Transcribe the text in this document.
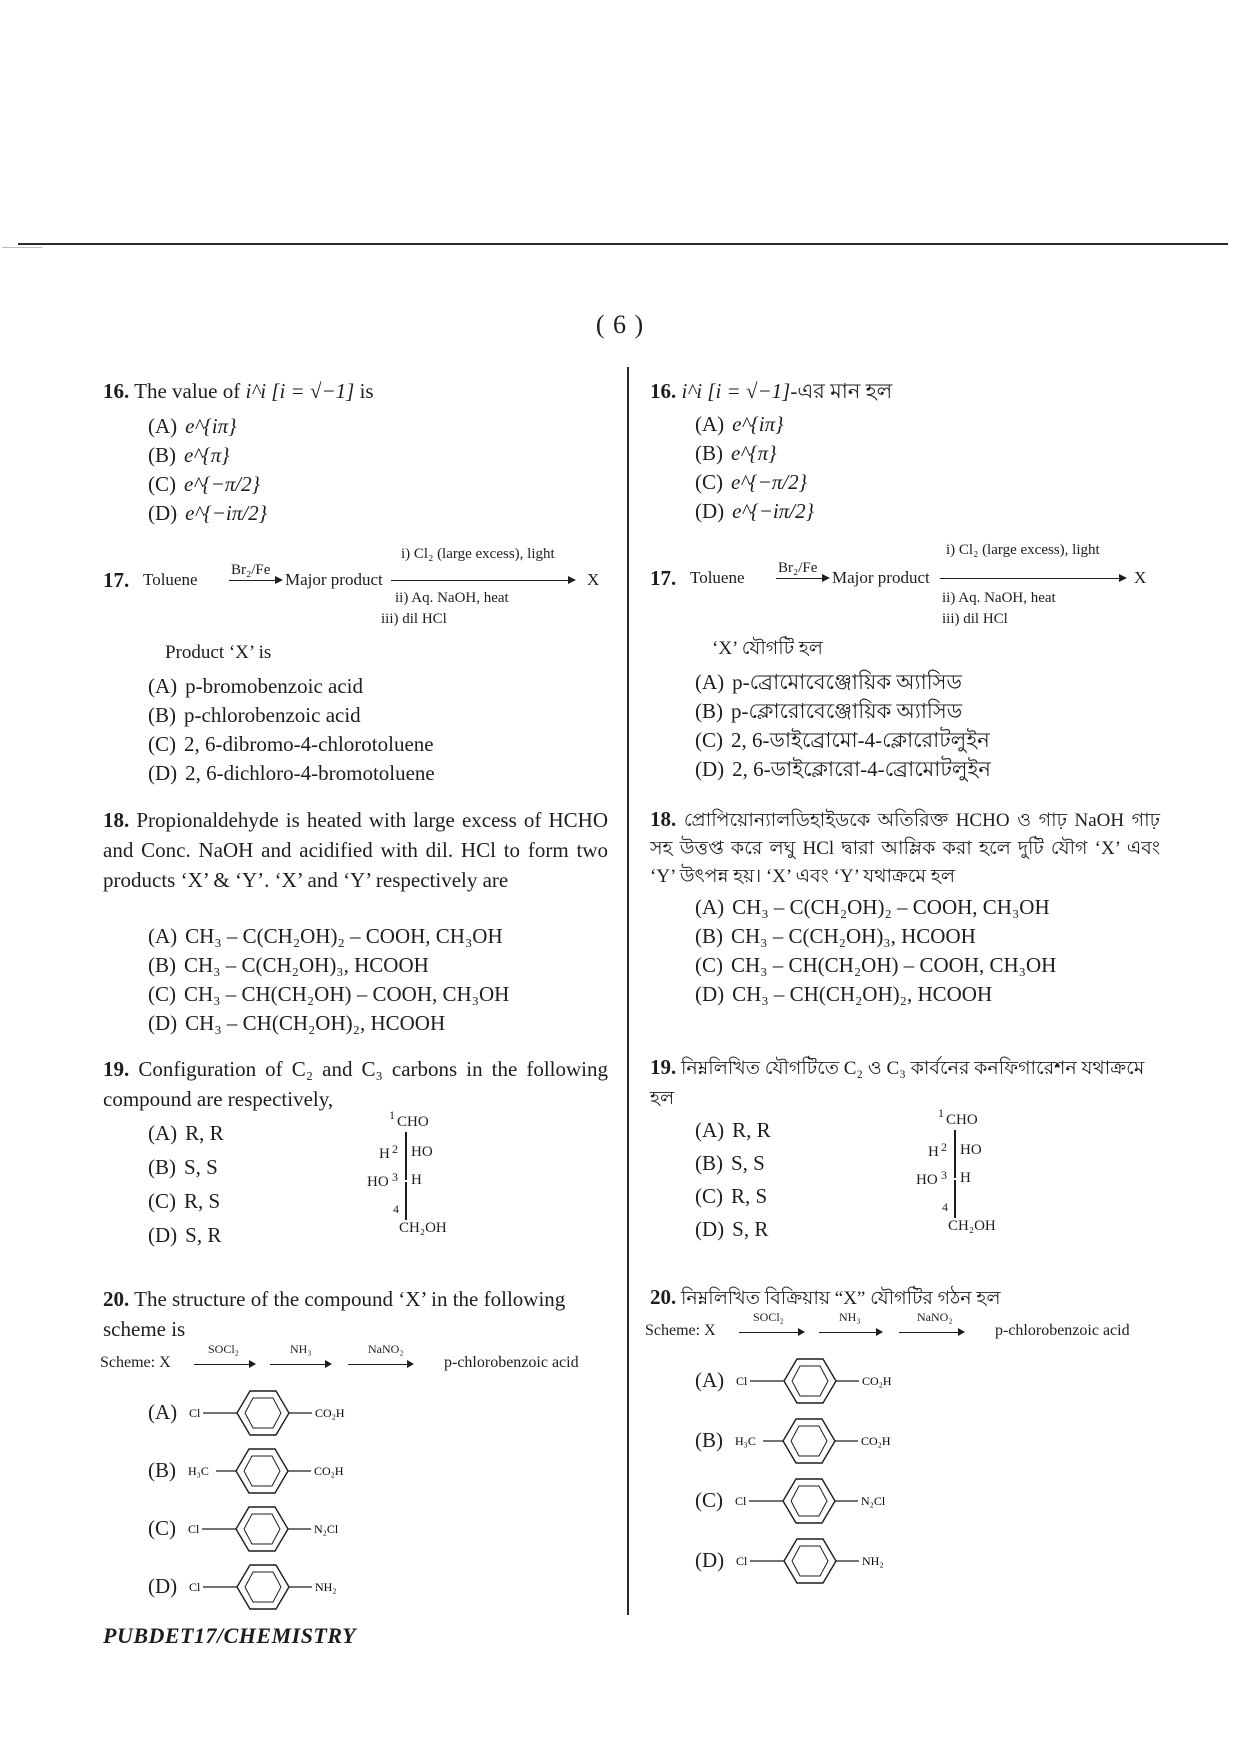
( 6 )
16. The value of i^i [i = √−1] is
(A) e^{iπ}
(B) e^{π}
(C) e^{−π/2}
(D) e^{−iπ/2}
17. Toluene Br₂/Fe → Major product
i) Cl₂ (large excess), light
X
ii) Aq. NaOH, heat
iii) dil HCl
Product ‘X’ is
(A) p-bromobenzoic acid
(B) p-chlorobenzoic acid
(C) 2, 6-dibromo-4-chlorotoluene
(D) 2, 6-dichloro-4-bromotoluene
18. Propionaldehyde is heated with large excess of HCHO and Conc. NaOH and acidified with dil. HCl to form two products ‘X’ & ‘Y’. ‘X’ and ‘Y’ respectively are
(A) CH₃ – C(CH₂OH)₂ – COOH, CH₃OH
(B) CH₃ – C(CH₂OH)₃, HCOOH
(C) CH₃ – CH(CH₂OH) – COOH, CH₃OH
(D) CH₃ – CH(CH₂OH)₂, HCOOH
19. Configuration of C₂ and C₃ carbons in the following compound are respectively,
(A) R, R
(B) S, S
(C) R, S
(D) S, R
1 CHO
H 2 HO
HO 3 H
4
CH₂OH
20. The structure of the compound ‘X’ in the following scheme is
Scheme: X
SOCl₂	NH₃	NaNO₂
p-chlorobenzoic acid
(A) Cl	CO₂H
(B) H₃C	CO₂H
(C) Cl	N₂Cl
(D) Cl	NH₂
16. i^i [i = √−1]-এর মান হল
(A) e^{iπ}
(B) e^{π}
(C) e^{−π/2}
(D) e^{−iπ/2}
17. Toluene Br₂/Fe → Major product
i) Cl₂ (large excess), light
X
ii) Aq. NaOH, heat
iii) dil HCl
‘X’ যৌগটি হল
(A) p-ব্রোমোবেঞ্জোয়িক অ্যাসিড
(B) p-ক্লোরোবেঞ্জোয়িক অ্যাসিড
(C) 2, 6-ডাইব্রোমো-4-ক্লোরোটলুইন
(D) 2, 6-ডাইক্লোরো-4-ব্রোমোটলুইন
18. প্রোপিয়োন্যালডিহাইডকে অতিরিক্ত HCHO ও গাঢ় NaOH গাঢ় সহ উত্তপ্ত করে লঘু HCl দ্বারা আম্লিক করা হলে দুটি যৌগ ‘X’ এবং ‘Y’ উৎপন্ন হয়। ‘X’ এবং ‘Y’ যথাক্রমে হল
(A) CH₃ – C(CH₂OH)₂ – COOH, CH₃OH
(B) CH₃ – C(CH₂OH)₃, HCOOH
(C) CH₃ – CH(CH₂OH) – COOH, CH₃OH
(D) CH₃ – CH(CH₂OH)₂, HCOOH
19. নিম্নলিখিত যৌগটিতে C₂ ও C₃ কার্বনের কনফিগারেশন যথাক্রমে হল
(A) R, R
(B) S, S
(C) R, S
(D) S, R
1 CHO
H 2 HO
HO 3 H
4
CH₂OH
20. নিম্নলিখিত বিক্রিয়ায় “X” যৌগটির গঠন হল
Scheme: X
SOCl₂	NH₃	NaNO₂
p-chlorobenzoic acid
(A) Cl	CO₂H
(B) H₃C	CO₂H
(C) Cl	N₂Cl
(D) Cl	NH₂
PUBDET17/CHEMISTRY
